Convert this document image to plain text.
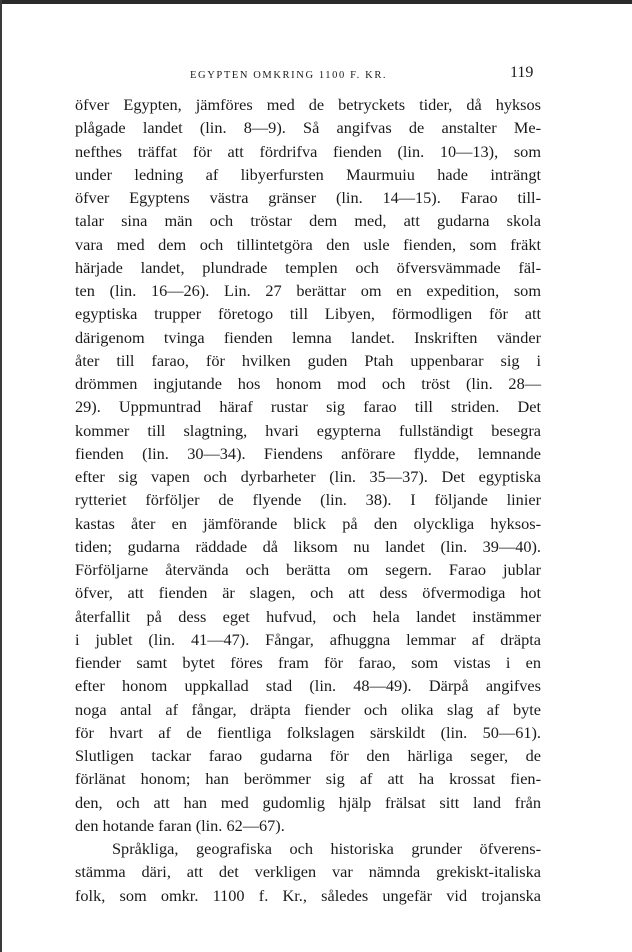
EGYPTEN OMKRING 1100 F. KR.	119
öfver Egypten, jämföres med de betryckets tider, då hyksos
plågade landet (lin. 8—9). Så angifvas de anstalter Me-
nefthes träffat för att fördrifva fienden (lin. 10—13), som
under ledning af libyerfursten Maurmuiu hade inträngt
öfver Egyptens västra gränser (lin. 14—15). Farao till-
talar sina män och tröstar dem med, att gudarna skola
vara med dem och tillintetgöra den usle fienden, som fräkt
härjade landet, plundrade templen och öfversvämmade fäl-
ten (lin. 16—26). Lin. 27 berättar om en expedition, som
egyptiska trupper företogo till Libyen, förmodligen för att
därigenom tvinga fienden lemna landet. Inskriften vänder
åter till farao, för hvilken guden Ptah uppenbarar sig i
drömmen ingjutande hos honom mod och tröst (lin. 28—
29). Uppmuntrad häraf rustar sig farao till striden. Det
kommer till slagtning, hvari egypterna fullständigt besegra
fienden (lin. 30—34). Fiendens anförare flydde, lemnande
efter sig vapen och dyrbarheter (lin. 35—37). Det egyptiska
rytteriet förföljer de flyende (lin. 38). I följande linier
kastas åter en jämförande blick på den olyckliga hyksos-
tiden; gudarna räddade då liksom nu landet (lin. 39—40).
Förföljarne återvända och berätta om segern. Farao jublar
öfver, att fienden är slagen, och att dess öfvermodiga hot
återfallit på dess eget hufvud, och hela landet instämmer
i jublet (lin. 41—47). Fångar, afhuggna lemmar af dräpta
fiender samt bytet föres fram för farao, som vistas i en
efter honom uppkallad stad (lin. 48—49). Därpå angifves
noga antal af fångar, dräpta fiender och olika slag af byte
för hvart af de fientliga folkslagen särskildt (lin. 50—61).
Slutligen tackar farao gudarna för den härliga seger, de
förlänat honom; han berömmer sig af att ha krossat fien-
den, och att han med gudomlig hjälp frälsat sitt land från
den hotande faran (lin. 62—67).
Språkliga, geografiska och historiska grunder öfverens-
stämma däri, att det verkligen var nämnda grekiskt-italiska
folk, som omkr. 1100 f. Kr., således ungefär vid trojanska
